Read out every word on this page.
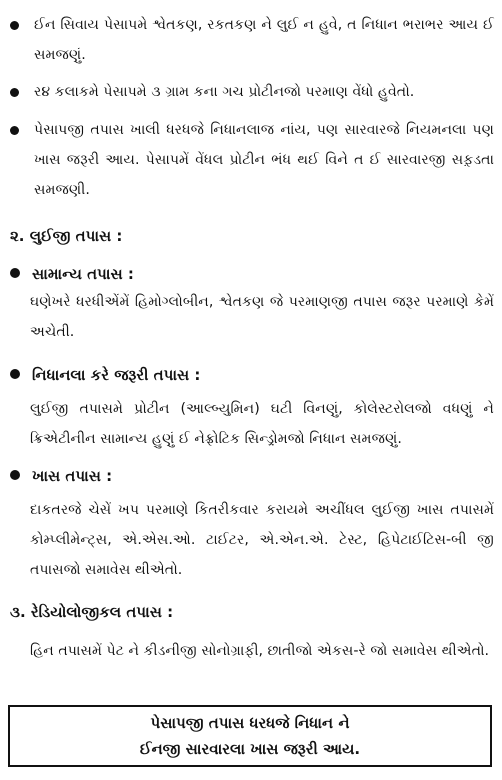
ઈન સિવાય પેસાપમે શ્વેતકણ, રકતકણ ને લુઈ ન હુવે, ત નિધાન ભરાભર આય ઈ સમજણું.
ર૪ કલાકમે પેસાપમે ૩ ગ્રામ કના ગચ પ્રોટીનજો પરમાણ વેંધો હુવેતો.
પેસાપજી તપાસ ખાલી ધરધજે નિધાનલાજ નાંય, પણ સારવારજે નિયમનલા પણ ખાસ જરૂરી આય. પેસાપમેં વેંધલ પ્રોટીન ભંધ થઈ વિને ત ઈ સારવારજી સફ઼ડતા સમજણી.
૨. લુઈજી તપાસ :
સામાન્ય તપાસ :
ઘણેખરે ધરધીએંમેં હિમોગ્લોબીન, શ્વેતકણ જે પરમાણજી તપાસ જરૂર પરમાણે કેમેં અચેતી.
નિધાનલા કરે જરૂરી તપાસ :
લુઈજી તપાસમે પ્રોટીન (આલ્બ્યુમિન) ઘટી વિનણું, કોલેસ્ટરોલજો વધણું ને ક્રિએટીનીન સામાન્ય હુણું ઈ નેફ્રોટિક સિન્ડ્રોમજો નિધાન સમજણું.
ખાસ તપાસ :
દાકતરજે ચેસેં ખપ પરમાણે કિતરીકવાર કરાયમે અચીંધલ લુઈજી ખાસ તપાસમેં કોમ્પ્લીમેન્ટ્સ, એ.એસ.ઓ. ટાઈટર, એ.એન.એ. ટેસ્ટ, હિપેટાઈટિસ-બી જી તપાસજો સમાવેસ થીએતો.
૩. રેડિયોલોજીકલ તપાસ :
હિન તપાસમેં પેટ ને કીડનીજી સોનોગ્રાફી, છાતીજો એકસ-રે જો સમાવેસ થીએતો.
પેસાપજી તપાસ ધરધજે નિધાન ને
ઈનજી સારવારલા ખાસ જરૂરી આય.
